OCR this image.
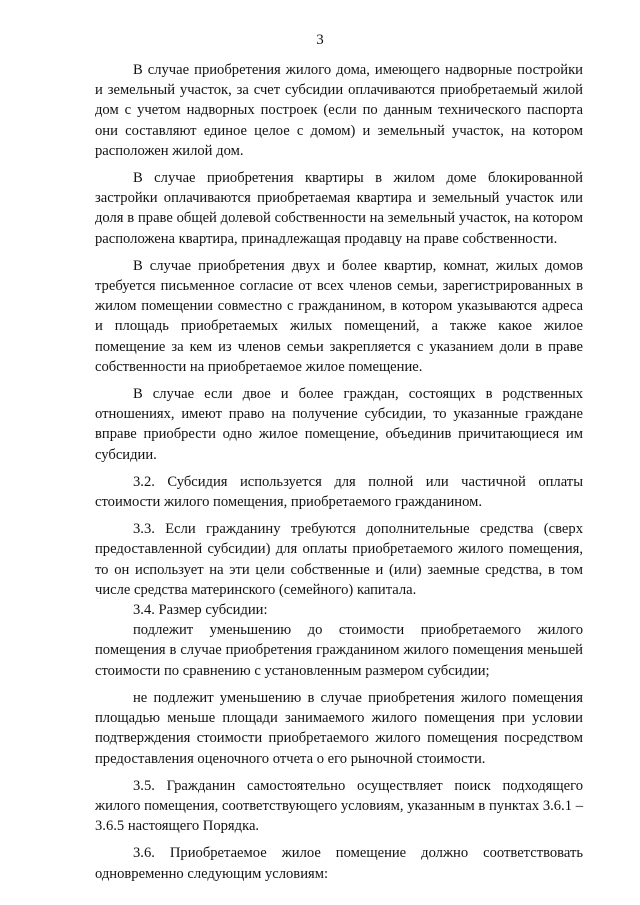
3

В случае приобретения жилого дома, имеющего надворные постройки и земельный участок, за счет субсидии оплачиваются приобретаемый жилой дом с учетом надворных построек (если по данным технического паспорта они составляют единое целое с домом) и земельный участок, на котором расположен жилой дом.

В случае приобретения квартиры в жилом доме блокированной застройки оплачиваются приобретаемая квартира и земельный участок или доля в праве общей долевой собственности на земельный участок, на котором расположена квартира, принадлежащая продавцу на праве собственности.

В случае приобретения двух и более квартир, комнат, жилых домов требуется письменное согласие от всех членов семьи, зарегистрированных в жилом помещении совместно с гражданином, в котором указываются адреса и площадь приобретаемых жилых помещений, а также какое жилое помещение за кем из членов семьи закрепляется с указанием доли в праве собственности на приобретаемое жилое помещение.

В случае если двое и более граждан, состоящих в родственных отношениях, имеют право на получение субсидии, то указанные граждане вправе приобрести одно жилое помещение, объединив причитающиеся им субсидии.

3.2. Субсидия используется для полной или частичной оплаты стоимости жилого помещения, приобретаемого гражданином.

3.3. Если гражданину требуются дополнительные средства (сверх предоставленной субсидии) для оплаты приобретаемого жилого помещения, то он использует на эти цели собственные и (или) заемные средства, в том числе средства материнского (семейного) капитала.

3.4. Размер субсидии:

подлежит уменьшению до стоимости приобретаемого жилого помещения в случае приобретения гражданином жилого помещения меньшей стоимости по сравнению с установленным размером субсидии;

не подлежит уменьшению в случае приобретения жилого помещения площадью меньше площади занимаемого жилого помещения при условии подтверждения стоимости приобретаемого жилого помещения посредством предоставления оценочного отчета о его рыночной стоимости.

3.5. Гражданин самостоятельно осуществляет поиск подходящего жилого помещения, соответствующего условиям, указанным в пунктах 3.6.1 – 3.6.5 настоящего Порядка.

3.6. Приобретаемое жилое помещение должно соответствовать одновременно следующим условиям:
